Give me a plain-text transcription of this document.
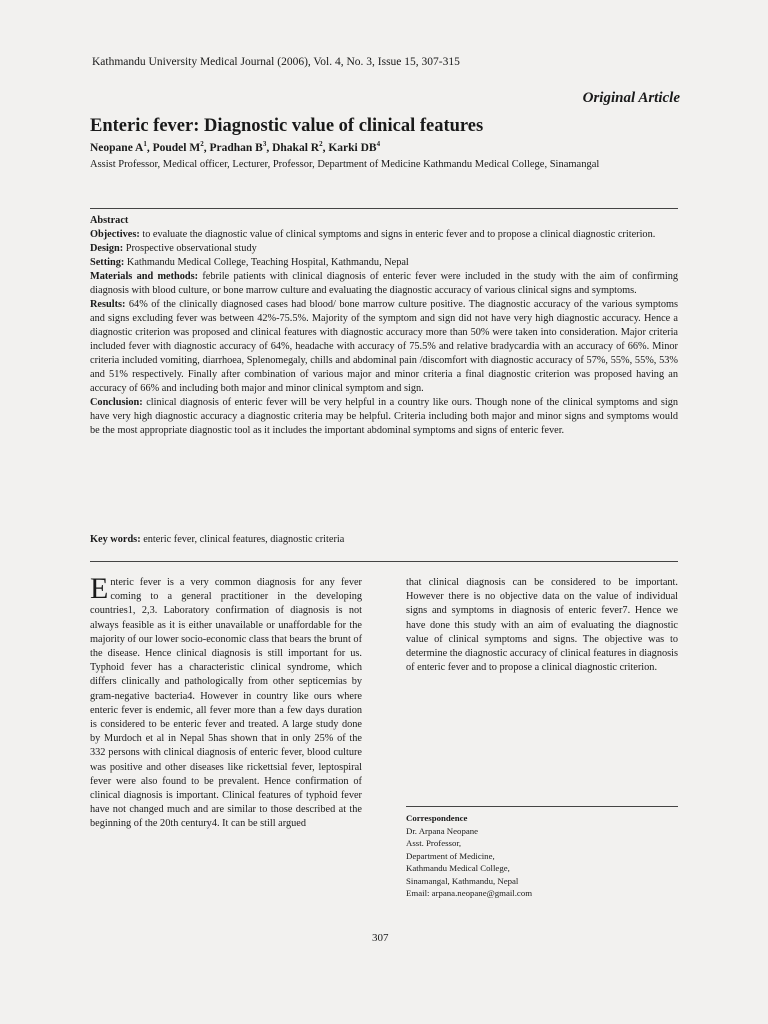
Kathmandu University Medical Journal (2006), Vol. 4, No. 3, Issue 15, 307-315
Original Article
Enteric fever: Diagnostic value of clinical features
Neopane $A^1$, Poudel $M^2$, Pradhan $B^3$, Dhakal $R^2$, Karki $DB^4$
Assist Professor, Medical officer, Lecturer, Professor, Department of Medicine Kathmandu Medical College, Sinamangal

Abstract

Objectives: to evaluate the diagnostic value of clinical symptoms and signs in enteric fever and to propose a clinical diagnostic criterion.

Design: Prospective observational study

Setting: Kathmandu Medical College, Teaching Hospital, Kathmandu, Nepal

Materials and methods: febrile patients with clinical diagnosis of enteric fever were included in the study with the aim of confirming diagnosis with blood culture, or bone marrow culture and evaluating the diagnostic accuracy of various clinical signs and symptoms.

Results: 64% of the clinically diagnosed cases had blood/ bone marrow culture positive. The diagnostic accuracy of the various symptoms and signs excluding fever was between 42%-75.5%. Majority of the symptom and sign did not have very high diagnostic accuracy. Hence a diagnostic criterion was proposed and clinical features with diagnostic accuracy more than 50% were taken into consideration. Major criteria included fever with diagnostic accuracy of 64%, headache with accuracy of 75.5% and relative bradycardia with an accuracy of 66%. Minor criteria included vomiting, diarrhoea, Splenomegaly, chills and abdominal pain /discomfort with diagnostic accuracy of 57%, 55%, 55%, 53% and 51% respectively. Finally after combination of various major and minor criteria a final diagnostic criterion was proposed having an accuracy of 66% and including both major and minor clinical symptom and sign.

Conclusion: clinical diagnosis of enteric fever will be very helpful in a country like ours. Though none of the clinical symptoms and sign have very high diagnostic accuracy a diagnostic criteria may be helpful. Criteria including both major and minor signs and symptoms would be the most appropriate diagnostic tool as it includes the important abdominal symptoms and signs of enteric fever.

Key words: enteric fever, clinical features, diagnostic criteria
Enteric fever is a very common diagnosis for any fever coming to a general practitioner in the developing countries1, 2,3. Laboratory confirmation of diagnosis is not always feasible as it is either unavailable or unaffordable for the majority of our lower socio-economic class that bears the brunt of the disease. Hence clinical diagnosis is still important for us. Typhoid fever has a characteristic clinical syndrome, which differs clinically and pathologically from other septicemias by gram-negative bacteria4. However in country like ours where enteric fever is endemic, all fever more than a few days duration is considered to be enteric fever and treated. A large study done by Murdoch et al in Nepal 5has shown that in only 25% of the 332 persons with clinical diagnosis of enteric fever, blood culture was positive and other diseases like rickettsial fever, leptospiral fever were also found to be prevalent. Hence confirmation of clinical diagnosis is important. Clinical features of typhoid fever have not changed much and are similar to those described at the beginning of the 20th century4. It can be still argued
that clinical diagnosis can be considered to be important. However there is no objective data on the value of individual signs and symptoms in diagnosis of enteric fever7. Hence we have done this study with an aim of evaluating the diagnostic value of clinical symptoms and signs. The objective was to determine the diagnostic accuracy of clinical features in diagnosis of enteric fever and to propose a clinical diagnostic criterion.
Correspondence
Dr. Arpana Neopane
Asst. Professor,
Department of Medicine,
Kathmandu Medical College,
Sinamangal, Kathmandu, Nepal
Email: arpana.neopane@gmail.com
307
